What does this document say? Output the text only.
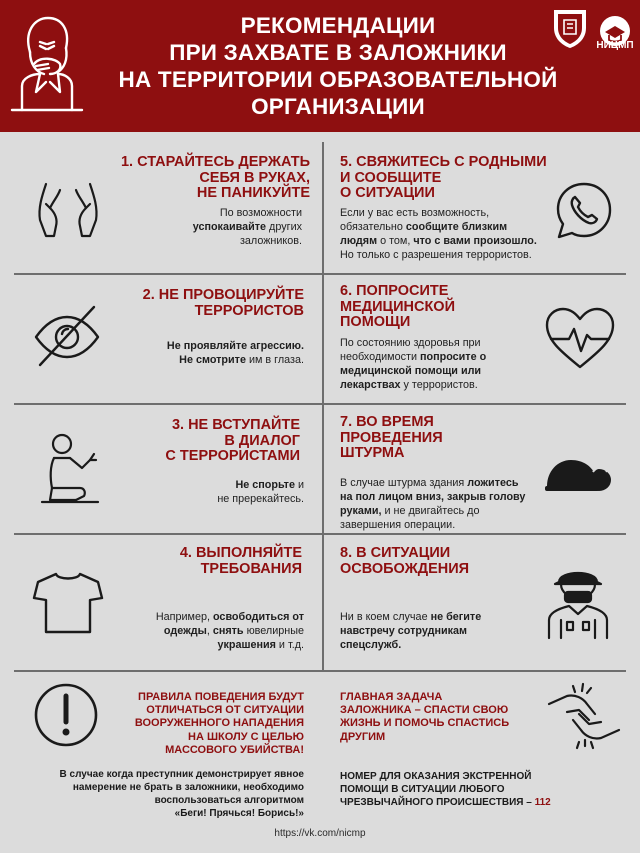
РЕКОМЕНДАЦИИ
ПРИ ЗАХВАТЕ В ЗАЛОЖНИКИ
НА ТЕРРИТОРИИ ОБРАЗОВАТЕЛЬНОЙ
ОРГАНИЗАЦИИ
НИЦМП
1. СТАРАЙТЕСЬ ДЕРЖАТЬ
СЕБЯ В РУКАХ,
НЕ ПАНИКУЙТЕ
По возможности
успокаивайте других
заложников.
5. СВЯЖИТЕСЬ С РОДНЫМИ
И СООБЩИТЕ
О СИТУАЦИИ
Если у вас есть возможность,
обязательно сообщите близким
людям о том, что с вами произошло.
Но только с разрешения террористов.
2. НЕ ПРОВОЦИРУЙТЕ
ТЕРРОРИСТОВ
Не проявляйте агрессию.
Не смотрите им в глаза.
6. ПОПРОСИТЕ
МЕДИЦИНСКОЙ
ПОМОЩИ
По состоянию здоровья при
необходимости попросите о
медицинской помощи или
лекарствах у террористов.
3. НЕ ВСТУПАЙТЕ
В ДИАЛОГ
С ТЕРРОРИСТАМИ
Не спорьте и
не пререкайтесь.
7. ВО ВРЕМЯ
ПРОВЕДЕНИЯ
ШТУРМА
В случае штурма здания ложитесь
на пол лицом вниз, закрыв голову
руками, и не двигайтесь до
завершения операции.
4. ВЫПОЛНЯЙТЕ
ТРЕБОВАНИЯ
Например, освободиться от
одежды, снять ювелирные
украшения и т.д.
8. В СИТУАЦИИ
ОСВОБОЖДЕНИЯ
Ни в коем случае не бегите
навстречу сотрудникам
спецслужб.
ПРАВИЛА ПОВЕДЕНИЯ БУДУТ
ОТЛИЧАТЬСЯ ОТ СИТУАЦИИ
ВООРУЖЕННОГО НАПАДЕНИЯ
НА ШКОЛУ С ЦЕЛЬЮ
МАССОВОГО УБИЙСТВА!
ГЛАВНАЯ ЗАДАЧА
ЗАЛОЖНИКА – СПАСТИ СВОЮ
ЖИЗНЬ И ПОМОЧЬ СПАСТИСЬ
ДРУГИМ
В случае когда преступник демонстрирует явное
намерение не брать в заложники, необходимо
воспользоваться алгоритмом
«Беги! Прячься! Борись!»
НОМЕР ДЛЯ ОКАЗАНИЯ ЭКСТРЕННОЙ
ПОМОЩИ В СИТУАЦИИ ЛЮБОГО
ЧРЕЗВЫЧАЙНОГО ПРОИСШЕСТВИЯ – 112
https://vk.com/nicmp
